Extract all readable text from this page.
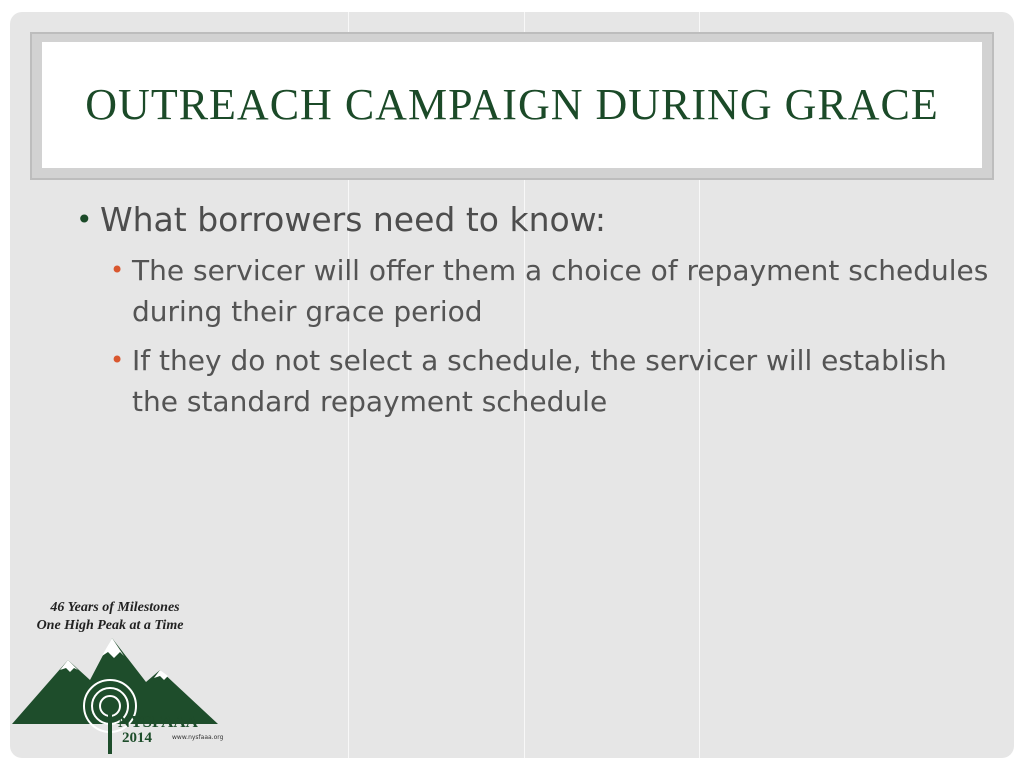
OUTREACH CAMPAIGN DURING GRACE
• What borrowers need to know:
• The servicer will offer them a choice of repayment schedules during their grace period
• If they do not select a schedule, the servicer will establish the standard repayment schedule
46 Years of Milestones
One High Peak at a Time
NYSFAAA
2014	www.nysfaaa.org
